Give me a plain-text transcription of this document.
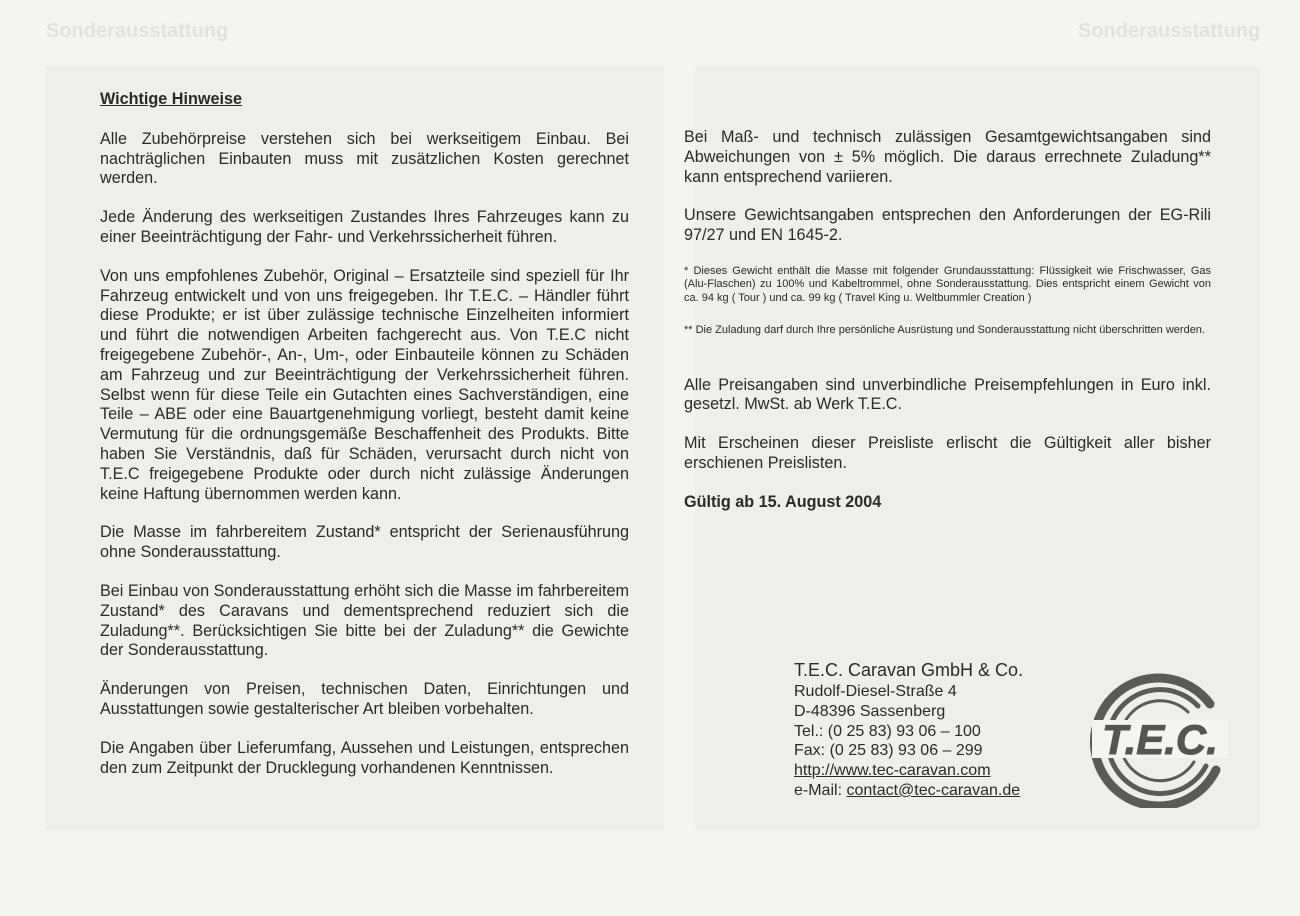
Sonderausstattung	Sonderausstattung
Wichtige Hinweise

Alle Zubehörpreise verstehen sich bei werkseitigem Einbau. Bei nachträglichen Einbauten muss mit zusätzlichen Kosten gerechnet werden.

Jede Änderung des werkseitigen Zustandes Ihres Fahrzeuges kann zu einer Beeinträchtigung der Fahr- und Verkehrssicherheit führen.

Von uns empfohlenes Zubehör, Original – Ersatzteile sind speziell für Ihr Fahrzeug entwickelt und von uns freigegeben. Ihr T.E.C. – Händler führt diese Produkte; er ist über zulässige technische Einzelheiten informiert und führt die notwendigen Arbeiten fachgerecht aus. Von T.E.C nicht freigegebene Zubehör-, An-, Um-, oder Einbauteile können zu Schäden am Fahrzeug und zur Beeinträchtigung der Verkehrssicherheit führen. Selbst wenn für diese Teile ein Gutachten eines Sachverständigen, eine Teile – ABE oder eine Bauartgenehmigung vorliegt, besteht damit keine Vermutung für die ordnungsgemäße Beschaffenheit des Produkts. Bitte haben Sie Verständnis, daß für Schäden, verursacht durch nicht von T.E.C freigegebene Produkte oder durch nicht zulässige Änderungen keine Haftung übernommen werden kann.

Die Masse im fahrbereitem Zustand* entspricht der Serienausführung ohne Sonderausstattung.

Bei Einbau von Sonderausstattung erhöht sich die Masse im fahrbereitem Zustand* des Caravans und dementsprechend reduziert sich die Zuladung**. Berücksichtigen Sie bitte bei der Zuladung** die Gewichte der Sonderausstattung.

Änderungen von Preisen, technischen Daten, Einrichtungen und Ausstattungen sowie gestalterischer Art bleiben vorbehalten.

Die Angaben über Lieferumfang, Aussehen und Leistungen, entsprechen den zum Zeitpunkt der Drucklegung vorhandenen Kenntnissen.

Bei Maß- und technisch zulässigen Gesamtgewichtsangaben sind Abweichungen von ± 5% möglich. Die daraus errechnete Zuladung** kann entsprechend variieren.

Unsere Gewichtsangaben entsprechen den Anforderungen der EG-Rili 97/27 und EN 1645-2.

* Dieses Gewicht enthält die Masse mit folgender Grundausstattung: Flüssigkeit wie Frischwasser, Gas (Alu-Flaschen) zu 100% und Kabeltrommel, ohne Sonderausstattung. Dies entspricht einem Gewicht von ca. 94 kg ( Tour ) und ca. 99 kg ( Travel King u. Weltbummler Creation )

** Die Zuladung darf durch Ihre persönliche Ausrüstung und Sonderausstattung nicht überschritten werden.

Alle Preisangaben sind unverbindliche Preisempfehlungen in Euro inkl. gesetzl. MwSt. ab Werk T.E.C.

Mit Erscheinen dieser Preisliste erlischt die Gültigkeit aller bisher erschienen Preislisten.

Gültig ab 15. August 2004

T.E.C. Caravan GmbH & Co.
Rudolf-Diesel-Straße 4
D-48396 Sassenberg
Tel.: (0 25 83) 93 06 – 100
Fax: (0 25 83) 93 06 – 299
http://www.tec-caravan.com
e-Mail: contact@tec-caravan.de
T.E.C.
